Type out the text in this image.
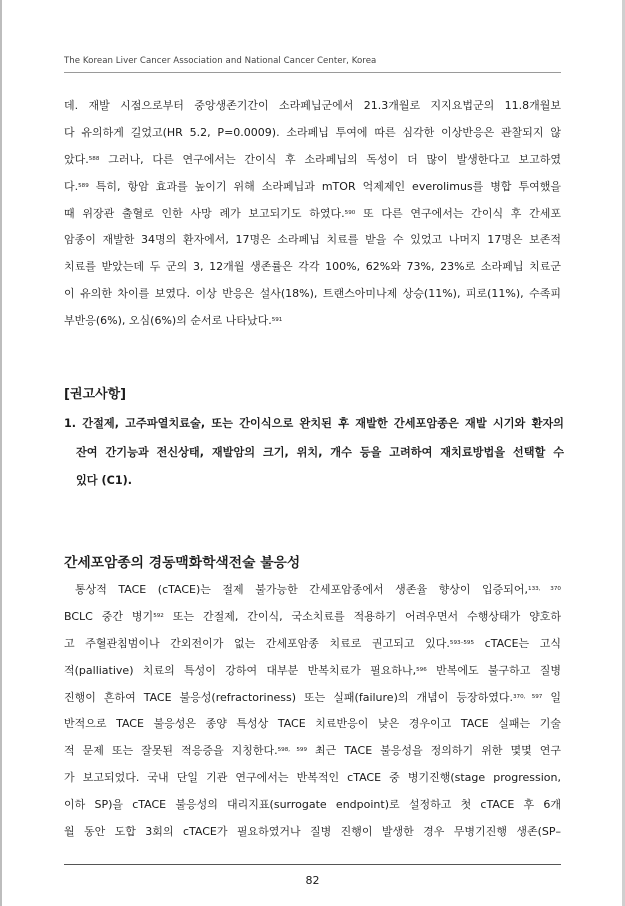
The Korean Liver Cancer Association and National Cancer Center, Korea
데. 재발 시점으로부터 중앙생존기간이 소라페닙군에서 21.3개월로 지지요법군의 11.8개월보
다 유의하게 길었고(HR 5.2, P=0.0009). 소라페닙 투여에 따른 심각한 이상반응은 관찰되지 않
았다.$^{588}$ 그러나, 다른 연구에서는 간이식 후 소라페닙의 독성이 더 많이 발생한다고 보고하였
다.$^{589}$ 특히, 항암 효과를 높이기 위해 소라페닙과 mTOR 억제제인 everolimus를 병합 투여했을
때 위장관 출혈로 인한 사망 례가 보고되기도 하였다.$^{590}$ 또 다른 연구에서는 간이식 후 간세포
암종이 재발한 34명의 환자에서, 17명은 소라페닙 치료를 받을 수 있었고 나머지 17명은 보존적
치료를 받았는데 두 군의 3, 12개월 생존률은 각각 100%, 62%와 73%, 23%로 소라페닙 치료군
이 유의한 차이를 보였다. 이상 반응은 설사(18%), 트랜스아미나제 상승(11%), 피로(11%), 수족피
부반응(6%), 오심(6%)의 순서로 나타났다.$^{591}$
[권고사항]
1. 간절제, 고주파열치료술, 또는 간이식으로 완치된 후 재발한 간세포암종은 재발 시기와 환자의
잔여 간기능과 전신상태, 재발암의 크기, 위치, 개수 등을 고려하여 재치료방법을 선택할 수
있다 (C1).
간세포암종의 경동맥화학색전술 불응성
통상적 TACE (cTACE)는 절제 불가능한 간세포암종에서 생존율 향상이 입증되어,$^{133, 370}$
BCLC 중간 병기$^{592}$ 또는 간절제, 간이식, 국소치료를 적용하기 어려우면서 수행상태가 양호하
고 주혈관침범이나 간외전이가 없는 간세포암종 치료로 권고되고 있다.$^{593-595}$ cTACE는 고식
적(palliative) 치료의 특성이 강하여 대부분 반복치료가 필요하나,$^{596}$ 반복에도 불구하고 질병
진행이 흔하여 TACE 불응성(refractoriness) 또는 실패(failure)의 개념이 등장하였다.$^{370, 597}$ 일
반적으로 TACE 불응성은 종양 특성상 TACE 치료반응이 낮은 경우이고 TACE 실패는 기술
적 문제 또는 잘못된 적응증을 지칭한다.$^{598, 599}$ 최근 TACE 불응성을 정의하기 위한 몇몇 연구
가 보고되었다. 국내 단일 기관 연구에서는 반복적인 cTACE 중 병기진행(stage progression,
이하 SP)을 cTACE 불응성의 대리지표(surrogate endpoint)로 설정하고 첫 cTACE 후 6개
월 동안 도합 3회의 cTACE가 필요하였거나 질병 진행이 발생한 경우 무병기진행 생존(SP–
82
